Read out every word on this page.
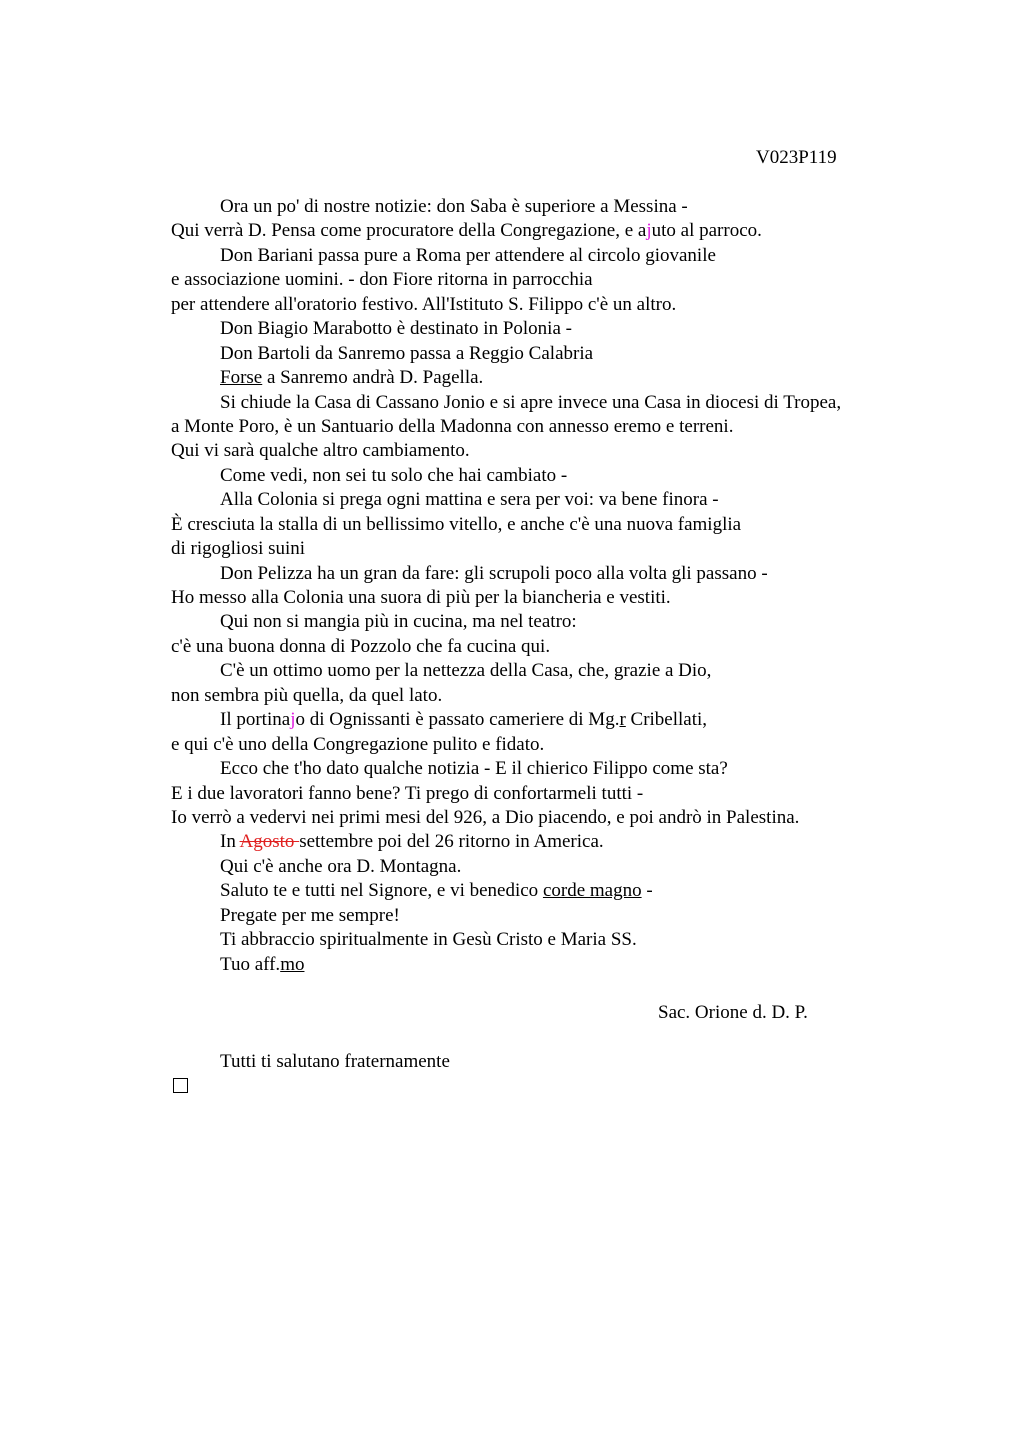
V023P119
Ora un po' di nostre notizie: don Saba è superiore a Messina -
Qui verrà D. Pensa come procuratore della Congregazione, e ajuto al parroco.
Don Bariani passa pure a Roma per attendere al circolo giovanile
e associazione uomini. - don Fiore ritorna in parrocchia
per attendere all'oratorio festivo. All'Istituto S. Filippo c'è un altro.
Don Biagio Marabotto è destinato in Polonia -
Don Bartoli da Sanremo passa a Reggio Calabria
Forse a Sanremo andrà D. Pagella.
Si chiude la Casa di Cassano Jonio e si apre invece una Casa in diocesi di Tropea,
a Monte Poro, è un Santuario della Madonna con annesso eremo e terreni.
Qui vi sarà qualche altro cambiamento.
Come vedi, non sei tu solo che hai cambiato -
Alla Colonia si prega ogni mattina e sera per voi: va bene finora -
È cresciuta la stalla di un bellissimo vitello, e anche c'è una nuova famiglia
di rigogliosi suini
Don Pelizza ha un gran da fare: gli scrupoli poco alla volta gli passano -
Ho messo alla Colonia una suora di più per la biancheria e vestiti.
Qui non si mangia più in cucina, ma nel teatro:
c'è una buona donna di Pozzolo che fa cucina qui.
C'è un ottimo uomo per la nettezza della Casa, che, grazie a Dio,
non sembra più quella, da quel lato.
Il portinajo di Ognissanti è passato cameriere di Mg.r Cribellati,
e qui c'è uno della Congregazione pulito e fidato.
Ecco che t'ho dato qualche notizia - E il chierico Filippo come sta?
E i due lavoratori fanno bene? Ti prego di confortarmeli tutti -
Io verrò a vedervi nei primi mesi del 926, a Dio piacendo, e poi andrò in Palestina.
In Agosto settembre poi del 26 ritorno in America.
Qui c'è anche ora D. Montagna.
Saluto te e tutti nel Signore, e vi benedico corde magno -
Pregate per me sempre!
Ti abbraccio spiritualmente in Gesù Cristo e Maria SS.
Tuo aff.mo
Sac. Orione d. D. P.
Tutti ti salutano fraternamente
